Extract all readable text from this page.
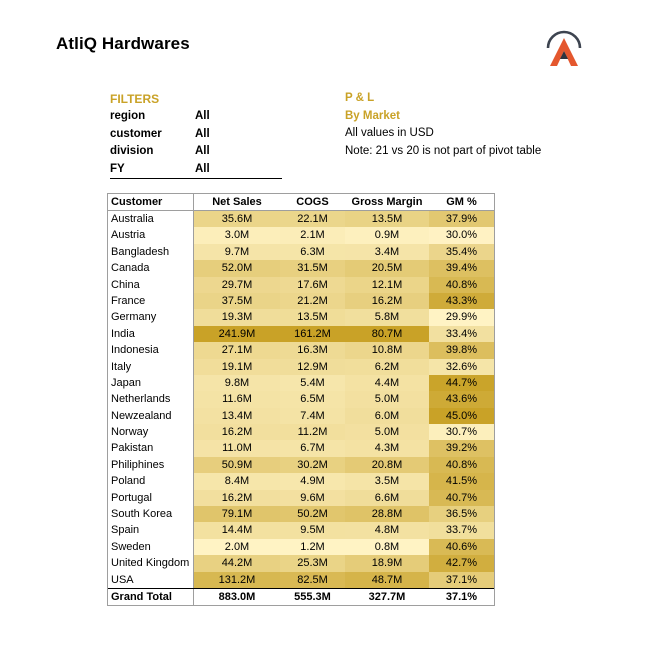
AtliQ Hardwares
FILTERS
region	All
customer	All
division	All
FY	All
P & L
By Market
All values in USD
Note: 21 vs 20 is not part of pivot table
Customer	Net Sales	COGS	Gross Margin	GM %
Australia	35.6M	22.1M	13.5M	37.9%
Austria	3.0M	2.1M	0.9M	30.0%
Bangladesh	9.7M	6.3M	3.4M	35.4%
Canada	52.0M	31.5M	20.5M	39.4%
China	29.7M	17.6M	12.1M	40.8%
France	37.5M	21.2M	16.2M	43.3%
Germany	19.3M	13.5M	5.8M	29.9%
India	241.9M	161.2M	80.7M	33.4%
Indonesia	27.1M	16.3M	10.8M	39.8%
Italy	19.1M	12.9M	6.2M	32.6%
Japan	9.8M	5.4M	4.4M	44.7%
Netherlands	11.6M	6.5M	5.0M	43.6%
Newzealand	13.4M	7.4M	6.0M	45.0%
Norway	16.2M	11.2M	5.0M	30.7%
Pakistan	11.0M	6.7M	4.3M	39.2%
Philiphines	50.9M	30.2M	20.8M	40.8%
Poland	8.4M	4.9M	3.5M	41.5%
Portugal	16.2M	9.6M	6.6M	40.7%
South Korea	79.1M	50.2M	28.8M	36.5%
Spain	14.4M	9.5M	4.8M	33.7%
Sweden	2.0M	1.2M	0.8M	40.6%
United Kingdom	44.2M	25.3M	18.9M	42.7%
USA	131.2M	82.5M	48.7M	37.1%
Grand Total	883.0M	555.3M	327.7M	37.1%
